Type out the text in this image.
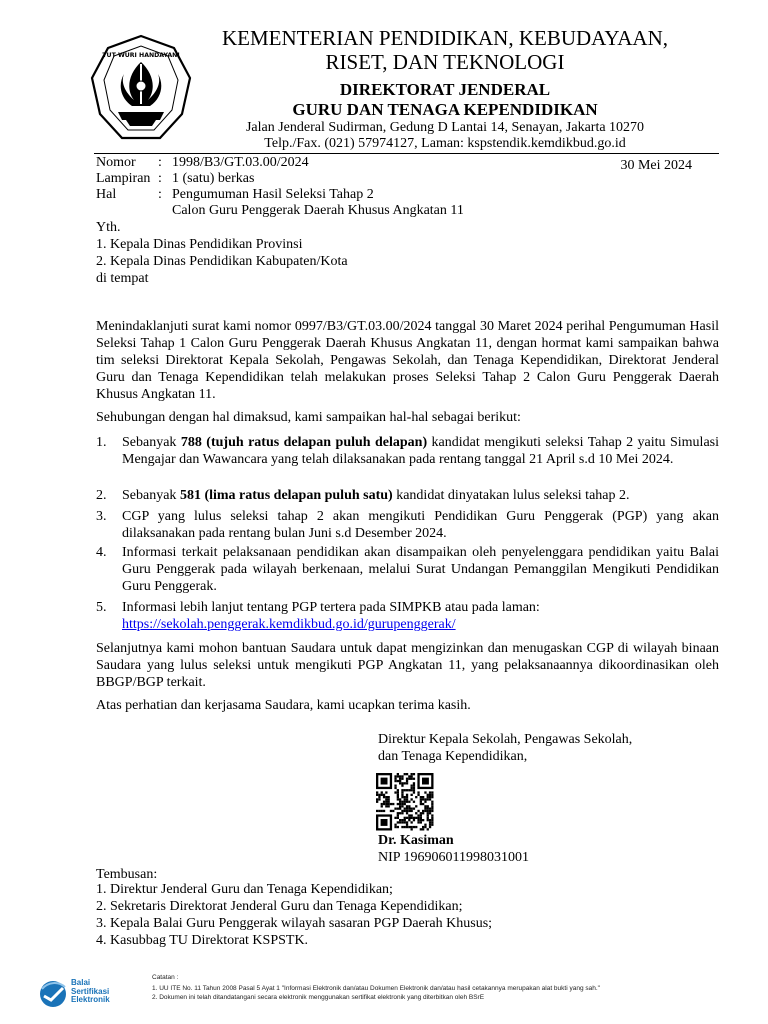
TUT WURI HANDAYANI
KEMENTERIAN PENDIDIKAN, KEBUDAYAAN,
RISET, DAN TEKNOLOGI
DIREKTORAT JENDERAL
GURU DAN TENAGA KEPENDIDIKAN
Jalan Jenderal Sudirman, Gedung D Lantai 14, Senayan, Jakarta 10270
Telp./Fax. (021) 57974127, Laman: kspstendik.kemdikbud.go.id
Nomor	: 1998/B3/GT.03.00/2024	30 Mei 2024
Lampiran : 1 (satu) berkas
Hal	: Pengumuman Hasil Seleksi Tahap 2
Calon Guru Penggerak Daerah Khusus Angkatan 11
Yth.
1. Kepala Dinas Pendidikan Provinsi
2. Kepala Dinas Pendidikan Kabupaten/Kota
di tempat
Menindaklanjuti surat kami nomor 0997/B3/GT.03.00/2024 tanggal 30 Maret 2024 perihal Pengumuman Hasil Seleksi Tahap 1 Calon Guru Penggerak Daerah Khusus Angkatan 11, dengan hormat kami sampaikan bahwa tim seleksi Direktorat Kepala Sekolah, Pengawas Sekolah, dan Tenaga Kependidikan, Direktorat Jenderal Guru dan Tenaga Kependidikan telah melakukan proses Seleksi Tahap 2 Calon Guru Penggerak Daerah Khusus Angkatan 11.
Sehubungan dengan hal dimaksud, kami sampaikan hal-hal sebagai berikut:
1.	Sebanyak 788 (tujuh ratus delapan puluh delapan) kandidat mengikuti seleksi Tahap 2 yaitu Simulasi Mengajar dan Wawancara yang telah dilaksanakan pada rentang tanggal 21 April s.d 10 Mei 2024.
2.	Sebanyak 581 (lima ratus delapan puluh satu) kandidat dinyatakan lulus seleksi tahap 2.
3.	CGP yang lulus seleksi tahap 2 akan mengikuti Pendidikan Guru Penggerak (PGP) yang akan dilaksanakan pada rentang bulan Juni s.d Desember 2024.
4.	Informasi terkait pelaksanaan pendidikan akan disampaikan oleh penyelenggara pendidikan yaitu Balai Guru Penggerak pada wilayah berkenaan, melalui Surat Undangan Pemanggilan Mengikuti Pendidikan Guru Penggerak.
5.	Informasi lebih lanjut tentang PGP tertera pada SIMPKB atau pada laman:
https://sekolah.penggerak.kemdikbud.go.id/gurupenggerak/
Selanjutnya kami mohon bantuan Saudara untuk dapat mengizinkan dan menugaskan CGP di wilayah binaan Saudara yang lulus seleksi untuk mengikuti PGP Angkatan 11, yang pelaksanaannya dikoordinasikan oleh BBGP/BGP terkait.
Atas perhatian dan kerjasama Saudara, kami ucapkan terima kasih.
Direktur Kepala Sekolah, Pengawas Sekolah,
dan Tenaga Kependidikan,
Dr. Kasiman
NIP 196906011998031001
Tembusan:
1. Direktur Jenderal Guru dan Tenaga Kependidikan;
2. Sekretaris Direktorat Jenderal Guru dan Tenaga Kependidikan;
3. Kepala Balai Guru Penggerak wilayah sasaran PGP Daerah Khusus;
4. Kasubbag TU Direktorat KSPSTK.
Balai
Sertifikasi
Elektronik
Catatan :
1. UU ITE No. 11 Tahun 2008 Pasal 5 Ayat 1 "Informasi Elektronik dan/atau Dokumen Elektronik dan/atau hasil cetakannya merupakan alat bukti yang sah."
2. Dokumen ini telah ditandatangani secara elektronik menggunakan sertifikat elektronik yang diterbitkan oleh BSrE
